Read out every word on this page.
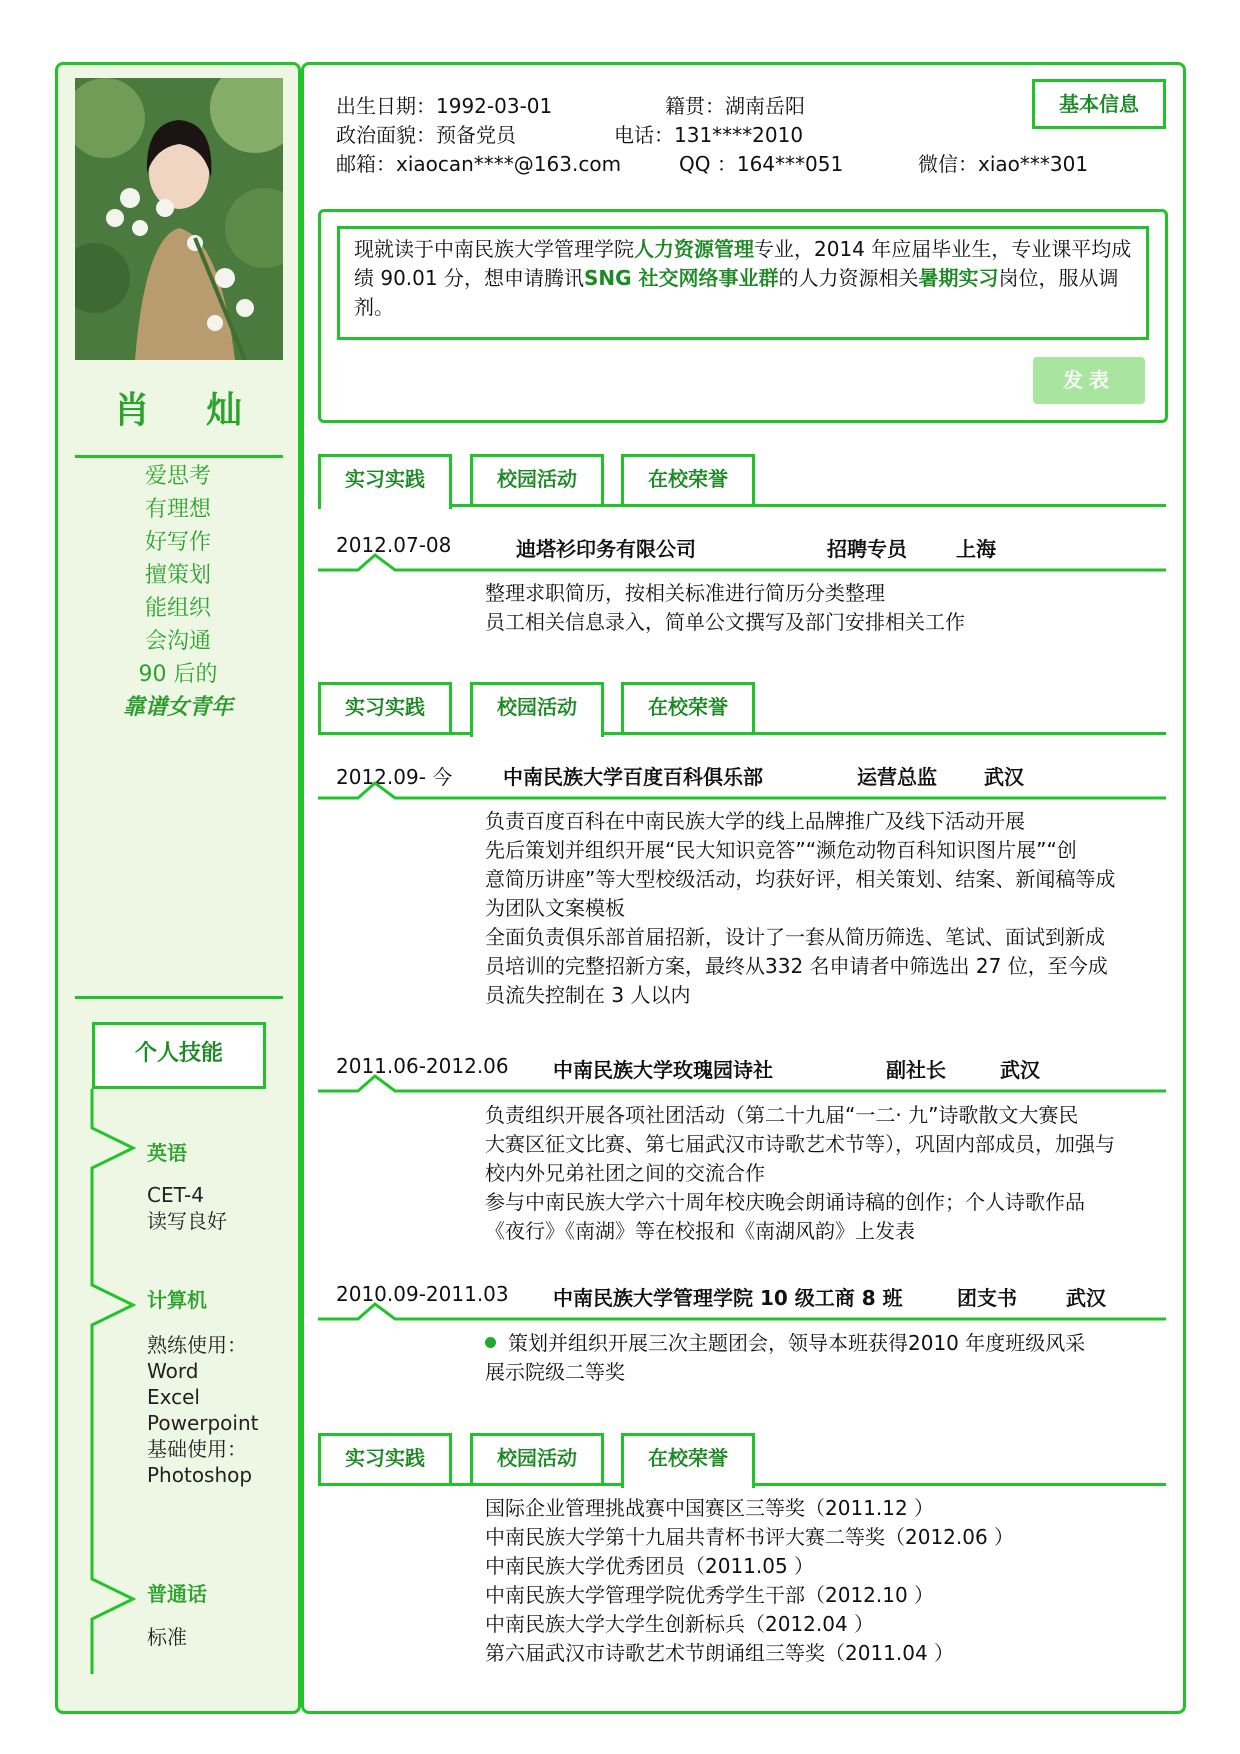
肖 灿
爱思考
有理想
好写作
擅策划
能组织
会沟通
90 后的
靠谱女青年
个人技能
英语
CET-4
读写良好
计算机
熟练使用：
Word
Excel
Powerpoint
基础使用：
Photoshop
普通话
标准
出生日期：1992-03-01	籍贯：湖南岳阳
政治面貌：预备党员	电话：131****2010
邮箱：xiaocan****@163.com	QQ ：164***051	微信：xiao***301
基本信息
现就读于中南民族大学管理学院人力资源管理专业，2014 年应届毕业生，专业课平均成绩 90.01 分，想申请腾讯SNG 社交网络事业群的人力资源相关暑期实习岗位，服从调剂。
发表
实习实践	校园活动	在校荣誉
2012.07-08	迪塔衫印务有限公司	招聘专员 上海
整理求职简历，按相关标准进行简历分类整理
员工相关信息录入，简单公文撰写及部门安排相关工作
实习实践	校园活动	在校荣誉
2012.09- 今	中南民族大学百度百科俱乐部	运营总监 武汉
负责百度百科在中南民族大学的线上品牌推广及线下活动开展
先后策划并组织开展“民大知识竞答”“濒危动物百科知识图片展”“创
意简历讲座”等大型校级活动，均获好评，相关策划、结案、新闻稿等成
为团队文案模板
全面负责俱乐部首届招新，设计了一套从简历筛选、笔试、面试到新成
员培训的完整招新方案，最终从332 名申请者中筛选出 27 位，至今成
员流失控制在 3 人以内
2011.06-2012.06 中南民族大学玫瑰园诗社	副社长	武汉
负责组织开展各项社团活动（第二十九届“一二· 九”诗歌散文大赛民
大赛区征文比赛、第七届武汉市诗歌艺术节等），巩固内部成员，加强与
校内外兄弟社团之间的交流合作
参与中南民族大学六十周年校庆晚会朗诵诗稿的创作；个人诗歌作品
《夜行》《南湖》等在校报和《南湖风韵》上发表
2010.09-2011.03 中南民族大学管理学院 10 级工商 8 班	团支书 武汉
策划并组织开展三次主题团会，领导本班获得2010 年度班级风采
展示院级二等奖
实习实践	校园活动	在校荣誉
国际企业管理挑战赛中国赛区三等奖（2011.12 ）
中南民族大学第十九届共青杯书评大赛二等奖（2012.06 ）
中南民族大学优秀团员（2011.05 ）
中南民族大学管理学院优秀学生干部（2012.10 ）
中南民族大学大学生创新标兵（2012.04 ）
第六届武汉市诗歌艺术节朗诵组三等奖（2011.04 ）
